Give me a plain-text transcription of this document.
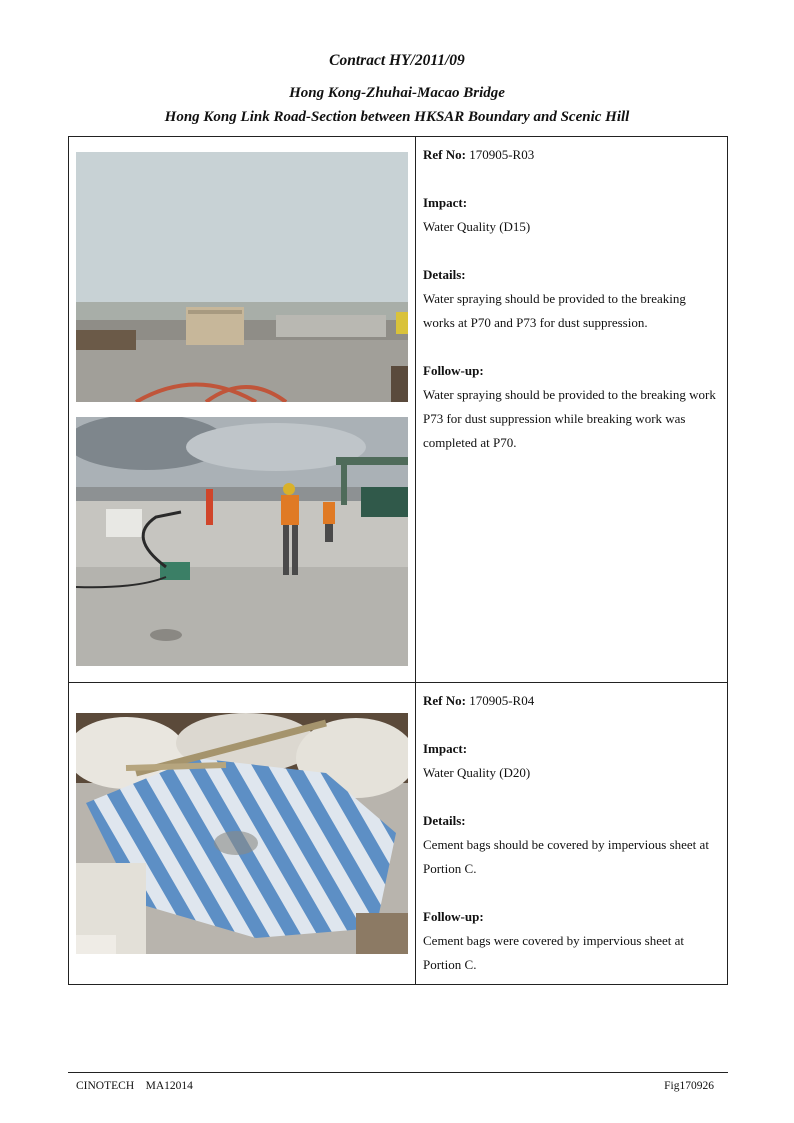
Contract HY/2011/09
Hong Kong-Zhuhai-Macao Bridge
Hong Kong Link Road-Section between HKSAR Boundary and Scenic Hill

Ref No: 170905-R03

Impact:

Water Quality (D15)

Details:

Water spraying should be provided to the breaking

works at P70 and P73 for dust suppression.

Follow-up:

Water spraying should be provided to the breaking work

P73 for dust suppression while breaking work was

completed at P70.

Ref No: 170905-R04

Impact:

Water Quality (D20)

Details:

Cement bags should be covered by impervious sheet at

Portion C.

Follow-up:

Cement bags were covered by impervious sheet at

Portion C.

CINOTECH    MA12014	Fig170926
